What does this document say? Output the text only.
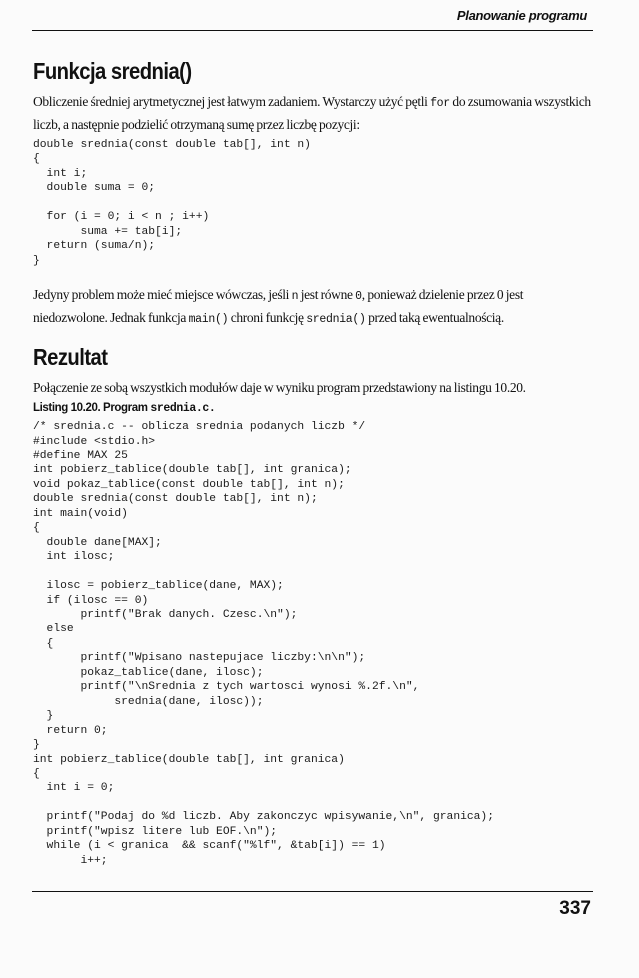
Planowanie programu
Funkcja srednia()

Obliczenie średniej arytmetycznej jest łatwym zadaniem. Wystarczy użyć pętli for do zsumowania wszystkich liczb, a następnie podzielić otrzymaną sumę przez liczbę pozycji:

double srednia(const double tab[], int n)
{
int i;
double suma = 0;

for (i = 0; i < n ; i++)
suma += tab[i];
return (suma/n);
}

Jedyny problem może mieć miejsce wówczas, jeśli n jest równe 0, ponieważ dzielenie przez 0 jest niedozwolone. Jednak funkcja main() chroni funkcję srednia() przed taką ewentualnością.

Rezultat

Połączenie ze sobą wszystkich modułów daje w wyniku program przedstawiony na listingu 10.20.

Listing 10.20. Program srednia.c.
/* srednia.c -- oblicza srednia podanych liczb */
#include <stdio.h>
#define MAX 25
int pobierz_tablice(double tab[], int granica);
void pokaz_tablice(const double tab[], int n);
double srednia(const double tab[], int n);
int main(void)
{
double dane[MAX];
int ilosc;

ilosc = pobierz_tablice(dane, MAX);
if (ilosc == 0)
printf("Brak danych. Czesc.\n");
else
{
printf("Wpisano nastepujace liczby:\n\n");
pokaz_tablice(dane, ilosc);
printf("\nSrednia z tych wartosci wynosi %.2f.\n",
srednia(dane, ilosc));
}
return 0;
}
int pobierz_tablice(double tab[], int granica)
{
int i = 0;

printf("Podaj do %d liczb. Aby zakonczyc wpisywanie,\n", granica);
printf("wpisz litere lub EOF.\n");
while (i < granica  && scanf("%lf", &tab[i]) == 1)
i++;
337
